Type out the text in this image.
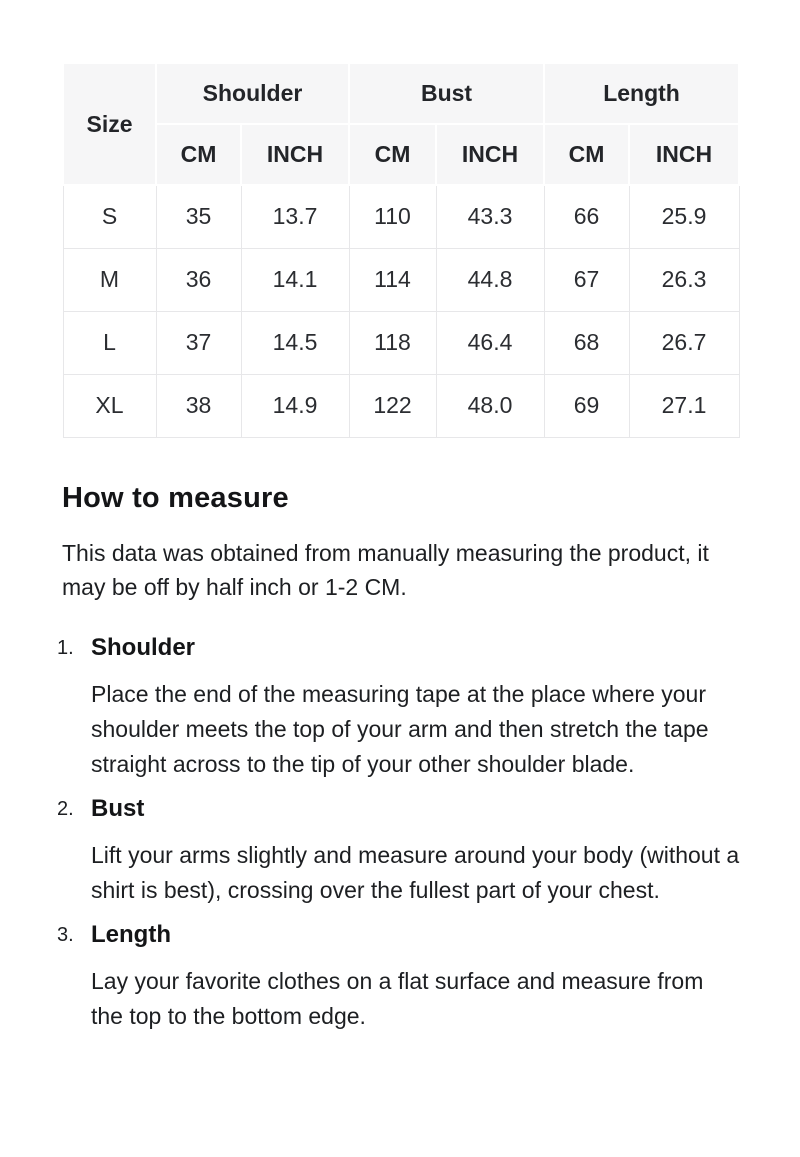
Size	Shoulder		Bust		Length	
	CM	INCH	CM	INCH	CM	INCH
S	35	13.7	110	43.3	66	25.9
M	36	14.1	114	44.8	67	26.3
L	37	14.5	118	46.4	68	26.7
XL	38	14.9	122	48.0	69	27.1
How to measure

This data was obtained from manually measuring the product, it may be off by half inch or 1-2 CM.

1. Shoulder
Place the end of the measuring tape at the place where your shoulder meets the top of your arm and then stretch the tape straight across to the tip of your other shoulder blade.
2. Bust
Lift your arms slightly and measure around your body (without a shirt is best), crossing over the fullest part of your chest.
3. Length
Lay your favorite clothes on a flat surface and measure from the top to the bottom edge.
